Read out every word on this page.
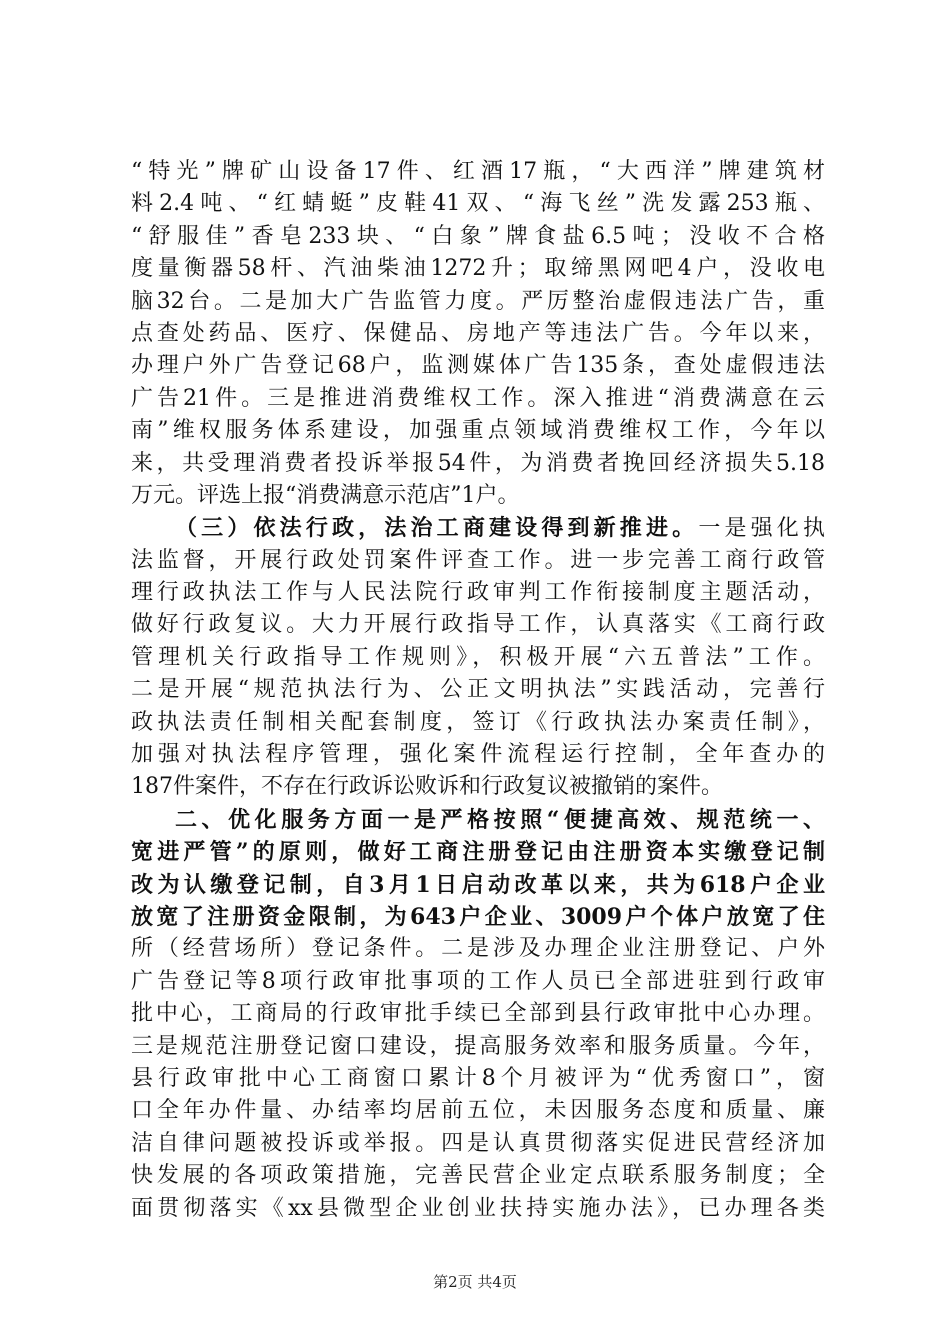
“特光”牌矿山设备17件、红酒17瓶，“大西洋”牌建筑材
料2.4吨、“红蜻蜓”皮鞋41双、“海飞丝”洗发露253瓶、
“舒服佳”香皂233块、“白象”牌食盐6.5吨；没收不合格
度量衡器58杆、汽油柴油1272升；取缔黑网吧4户，没收电
脑32台。二是加大广告监管力度。严厉整治虚假违法广告，重
点查处药品、医疗、保健品、房地产等违法广告。今年以来，
办理户外广告登记68户，监测媒体广告135条，查处虚假违法
广告21件。三是推进消费维权工作。深入推进“消费满意在云
南”维权服务体系建设，加强重点领域消费维权工作，今年以
来，共受理消费者投诉举报54件，为消费者挽回经济损失5.18
万元。评选上报“消费满意示范店”1户。
（三）依法行政，法治工商建设得到新推进。一是强化执
法监督，开展行政处罚案件评查工作。进一步完善工商行政管
理行政执法工作与人民法院行政审判工作衔接制度主题活动，
做好行政复议。大力开展行政指导工作，认真落实《工商行政
管理机关行政指导工作规则》，积极开展“六五普法”工作。
二是开展“规范执法行为、公正文明执法”实践活动，完善行
政执法责任制相关配套制度，签订《行政执法办案责任制》，
加强对执法程序管理，强化案件流程运行控制，全年查办的
187件案件，不存在行政诉讼败诉和行政复议被撤销的案件。
二、优化服务方面一是严格按照“便捷高效、规范统一、
宽进严管”的原则，做好工商注册登记由注册资本实缴登记制
改为认缴登记制，自3月1日启动改革以来，共为618户企业
放宽了注册资金限制，为643户企业、3009户个体户放宽了住
所（经营场所）登记条件。二是涉及办理企业注册登记、户外
广告登记等8项行政审批事项的工作人员已全部进驻到行政审
批中心，工商局的行政审批手续已全部到县行政审批中心办理。
三是规范注册登记窗口建设，提高服务效率和服务质量。今年，
县行政审批中心工商窗口累计8个月被评为“优秀窗口”，窗
口全年办件量、办结率均居前五位，未因服务态度和质量、廉
洁自律问题被投诉或举报。四是认真贯彻落实促进民营经济加
快发展的各项政策措施，完善民营企业定点联系服务制度；全
面贯彻落实《xx县微型企业创业扶持实施办法》，已办理各类
第2页 共4页
